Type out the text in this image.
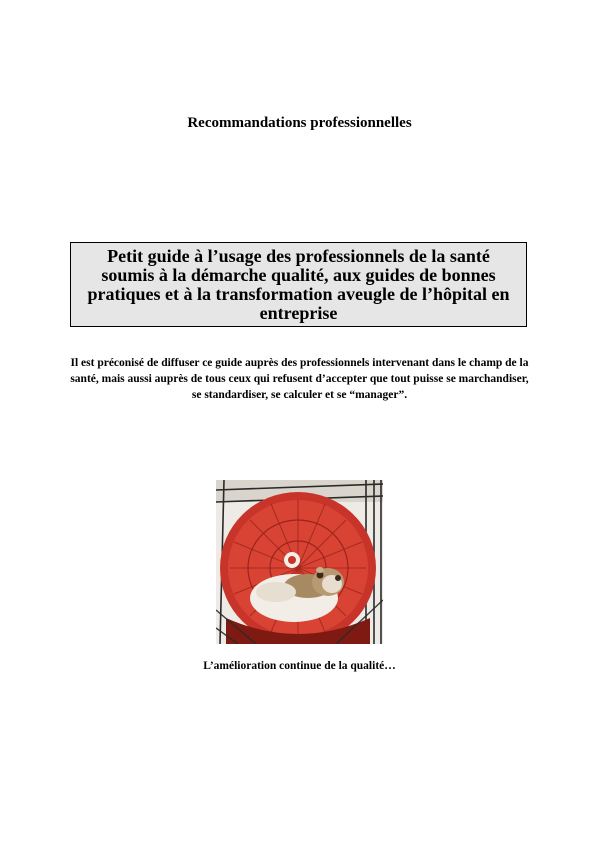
Recommandations professionnelles
Petit guide à l’usage des professionnels de la santé soumis à la démarche qualité, aux guides de bonnes pratiques et à la transformation aveugle de l’hôpital en entreprise
Il est préconisé de diffuser ce guide auprès des professionnels intervenant dans le champ de la santé, mais aussi auprès de tous ceux qui refusent d’accepter que tout puisse se marchandiser, se standardiser, se calculer et se “manager”.
L’amélioration continue de la qualité…
